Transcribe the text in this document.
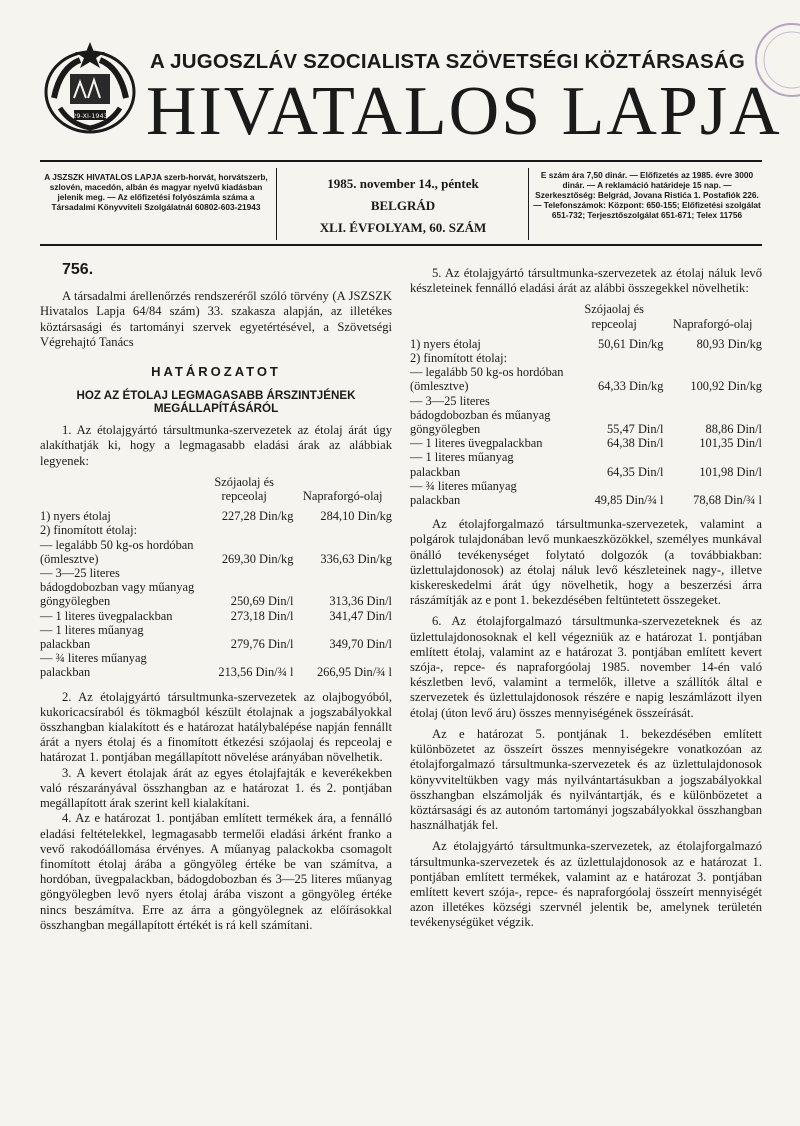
29-XI-1943
A JUGOSZLÁV SZOCIALISTA SZÖVETSÉGI KÖZTÁRSASÁG
HIVATALOS LAPJA
A JSZSZK HIVATALOS LAPJA szerb-horvát, horvátszerb, szlovén, macedón, albán és magyar nyelvű kiadásban jelenik meg. — Az előfizetési folyószámla száma a Társadalmi Könyvviteli Szolgálatnál 60802-603-21943
1985. november 14., péntek
BELGRÁD
XLI. ÉVFOLYAM, 60. SZÁM
E szám ára 7,50 dinár. — Előfizetés az 1985. évre 3000 dinár. — A reklamáció határideje 15 nap. — Szerkesztőség: Belgrád, Jovana Ristića 1. Postafiók 226. — Telefonszámok: Központ: 650-155; Előfizetési szolgálat 651-732; Terjesztőszolgálat 651-671; Telex 11756
756.

A társadalmi árellenőrzés rendszeréről szóló törvény (A JSZSZK Hivatalos Lapja 64/84 szám) 33. szakasza alapján, az illetékes köztársasági és tartományi szervek egyetértésével, a Szövetségi Végrehajtó Tanács

HATÁROZATOT
HOZ AZ ÉTOLAJ LEGMAGASABB ÁRSZINTJÉNEK MEGÁLLAPÍTÁSÁRÓL

1. Az étolajgyártó társultmunka-szervezetek az étolaj árát úgy alakíthatják ki, hogy a legmagasabb eladási árak az alábbiak legyenek:

	Szójaolaj és repceolaj	Napraforgó-olaj
1) nyers étolaj	227,28 Din/kg	284,10 Din/kg
2) finomított étolaj:		
— legalább 50 kg-os hordóban (ömlesztve)	269,30 Din/kg	336,63 Din/kg
— 3—25 literes bádogdobozban vagy műanyag göngyölegben	250,69 Din/l	313,36 Din/l
— 1 literes üvegpalackban	273,18 Din/l	341,47 Din/l
— 1 literes műanyag palackban	279,76 Din/l	349,70 Din/l
— ¾ literes műanyag palackban	213,56 Din/¾ l	266,95 Din/¾ l

2. Az étolajgyártó társultmunka-szervezetek az olajbogyóból, kukoricacsíraból és tökmagból készült étolajnak a jogszabályokkal összhangban kialakított és e határozat hatálybalépése napján fennállt árát a nyers étolaj és a finomított étkezési szójaolaj és repceolaj e határozat 1. pontjában megállapított növelése arányában növelhetik.

3. A kevert étolajak árát az egyes étolajfajták e keverékekben való részarányával összhangban az e határozat 1. és 2. pontjában megállapított árak szerint kell kialakítani.

4. Az e határozat 1. pontjában említett termékek ára, a fennálló eladási feltételekkel, legmagasabb termelői eladási árként franko a vevő rakodóállomása érvényes. A műanyag palackokba csomagolt finomított étolaj árába a göngyöleg értéke be van számítva, a hordóban, üvegpalackban, bádogdobozban és 3—25 literes műanyag göngyölegben levő nyers étolaj árába viszont a göngyöleg értéke nincs beszámítva. Erre az árra a göngyölegnek az előírásokkal összhangban megállapított értékét is rá kell számítani.

5. Az étolajgyártó társultmunka-szervezetek az étolaj náluk levő készleteinek fennálló eladási árát az alábbi összegekkel növelhetik:

	Szójaolaj és repceolaj	Napraforgó-olaj
1) nyers étolaj	50,61 Din/kg	80,93 Din/kg
2) finomított étolaj:		
— legalább 50 kg-os hordóban (ömlesztve)	64,33 Din/kg	100,92 Din/kg
— 3—25 literes bádogdobozban és műanyag göngyölegben	55,47 Din/l	88,86 Din/l
— 1 literes üvegpalackban	64,38 Din/l	101,35 Din/l
— 1 literes műanyag palackban	64,35 Din/l	101,98 Din/l
— ¾ literes műanyag palackban	49,85 Din/¾ l	78,68 Din/¾ l

Az étolajforgalmazó társultmunka-szervezetek, valamint a polgárok tulajdonában levő munkaeszközökkel, személyes munkával önálló tevékenységet folytató dolgozók (a továbbiakban: üzlettulajdonosok) az étolaj náluk levő készleteinek nagy-, illetve kiskereskedelmi árát úgy növelhetik, hogy a beszerzési árra rászámítják az e pont 1. bekezdésében feltüntetett összegeket.

6. Az étolajforgalmazó társultmunka-szervezeteknek és az üzlettulajdonosoknak el kell végezniük az e határozat 1. pontjában említett étolaj, valamint az e határozat 3. pontjában említett kevert szója-, repce- és napraforgóolaj 1985. november 14-én való készletben levő, valamint a termelők, illetve a szállítók által e szervezetek és üzlettulajdonosok részére e napig leszámlázott ilyen étolaj (úton levő áru) összes mennyiségének összeírását.

Az e határozat 5. pontjának 1. bekezdésében említett különbözetet az összeírt összes mennyiségekre vonatkozóan az étolajforgalmazó társultmunka-szervezetek és az üzlettulajdonosok könyvviteltükben vagy más nyilvántartásukban a jogszabályokkal összhangban elszámolják és nyilvántartják, és e különbözetet a köztársasági és az autonóm tartományi jogszabályokkal összhangban használhatják fel.

Az étolajgyártó társultmunka-szervezetek, az étolajforgalmazó társultmunka-szervezetek és az üzlettulajdonosok az e határozat 1. pontjában említett termékek, valamint az e határozat 3. pontjában említett kevert szója-, repce- és napraforgóolaj összeírt mennyiségét azon illetékes községi szervnél jelentik be, amelynek területén tevékenységüket végzik.
